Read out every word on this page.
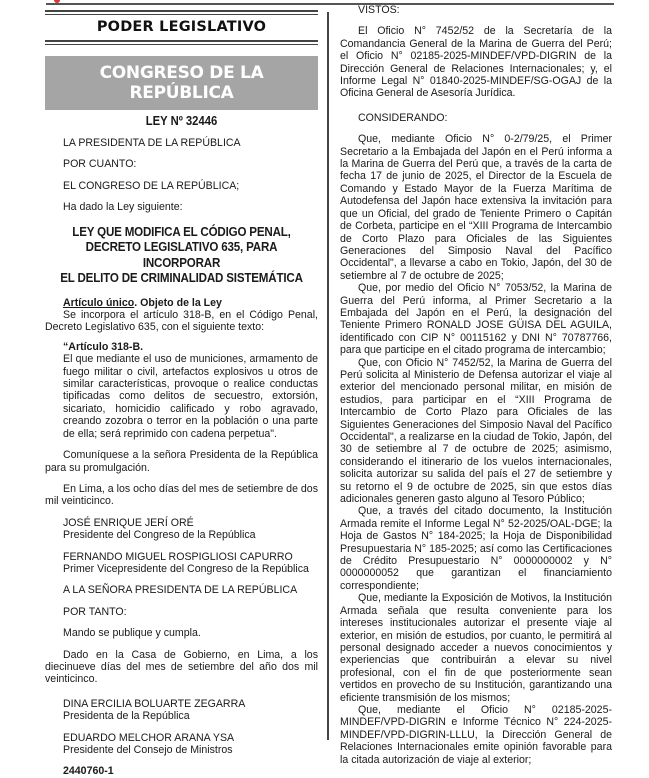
PODER LEGISLATIVO
CONGRESO DE LA REPÚBLICA
LEY Nº 32446

LA PRESIDENTA DE LA REPÚBLICA

POR CUANTO:

EL CONGRESO DE LA REPÚBLICA;

Ha dado la Ley siguiente:

LEY QUE MODIFICA EL CÓDIGO PENAL,
DECRETO LEGISLATIVO 635, PARA INCORPORAR
EL DELITO DE CRIMINALIDAD SISTEMÁTICA

Artículo único. Objeto de la Ley

Se incorpora el artículo 318-B, en el Código Penal, Decreto Legislativo 635, con el siguiente texto:

“Artículo 318-B.

El que mediante el uso de municiones, armamento de fuego militar o civil, artefactos explosivos u otros de similar características, provoque o realice conductas tipificadas como delitos de secuestro, extorsión, sicariato, homicidio calificado y robo agravado, creando zozobra o terror en la población o una parte de ella; será reprimido con cadena perpetua".

Comuníquese a la señora Presidenta de la República para su promulgación.

En Lima, a los ocho días del mes de setiembre de dos mil veinticinco.

JOSÉ ENRIQUE JERÍ ORÉ

Presidente del Congreso de la República

FERNANDO MIGUEL ROSPIGLIOSI CAPURRO

Primer Vicepresidente del Congreso de la República

A LA SEÑORA PRESIDENTA DE LA REPÚBLICA

POR TANTO:

Mando se publique y cumpla.

Dado en la Casa de Gobierno, en Lima, a los diecinueve días del mes de setiembre del año dos mil veinticinco.

DINA ERCILIA BOLUARTE ZEGARRA

Presidenta de la República

EDUARDO MELCHOR ARANA YSA

Presidente del Consejo de Ministros

2440760-1

VISTOS:

El Oficio N° 7452/52 de la Secretaría de la Comandancia General de la Marina de Guerra del Perú; el Oficio N° 02185-2025-MINDEF/VPD-DIGRIN de la Dirección General de Relaciones Internacionales; y, el Informe Legal N° 01840-2025-MINDEF/SG-OGAJ de la Oficina General de Asesoría Jurídica.

CONSIDERANDO:

Que, mediante Oficio N° 0-2/79/25, el Primer Secretario a la Embajada del Japón en el Perú informa a la Marina de Guerra del Perú que, a través de la carta de fecha 17 de junio de 2025, el Director de la Escuela de Comando y Estado Mayor de la Fuerza Marítima de Autodefensa del Japón hace extensiva la invitación para que un Oficial, del grado de Teniente Primero o Capitán de Corbeta, participe en el “XIII Programa de Intercambio de Corto Plazo para Oficiales de las Siguientes Generaciones del Simposio Naval del Pacífico Occidental", a llevarse a cabo en Tokio, Japón, del 30 de setiembre al 7 de octubre de 2025;

Que, por medio del Oficio N° 7053/52, la Marina de Guerra del Perú informa, al Primer Secretario a la Embajada del Japón en el Perú, la designación del Teniente Primero RONALD JOSE GÜISA DEL AGUILA, identificado con CIP N° 00115162 y DNI N° 70787766, para que participe en el citado programa de intercambio;

Que, con Oficio N° 7452/52, la Marina de Guerra del Perú solicita al Ministerio de Defensa autorizar el viaje al exterior del mencionado personal militar, en misión de estudios, para participar en el “XIII Programa de Intercambio de Corto Plazo para Oficiales de las Siguientes Generaciones del Simposio Naval del Pacífico Occidental", a realizarse en la ciudad de Tokio, Japón, del 30 de setiembre al 7 de octubre de 2025; asimismo, considerando el itinerario de los vuelos internacionales, solicita autorizar su salida del país el 27 de setiembre y su retorno el 9 de octubre de 2025, sin que estos días adicionales generen gasto alguno al Tesoro Público;

Que, a través del citado documento, la Institución Armada remite el Informe Legal N° 52-2025/OAL-DGE; la Hoja de Gastos N° 184-2025; la Hoja de Disponibilidad Presupuestaria N° 185-2025; así como las Certificaciones de Crédito Presupuestario N° 0000000002 y N° 0000000052 que garantizan el financiamiento correspondiente;

Que, mediante la Exposición de Motivos, la Institución Armada señala que resulta conveniente para los intereses institucionales autorizar el presente viaje al exterior, en misión de estudios, por cuanto, le permitirá al personal designado acceder a nuevos conocimientos y experiencias que contribuirán a elevar su nivel profesional, con el fin de que posteriormente sean vertidos en provecho de su Institución, garantizando una eficiente transmisión de los mismos;

Que, mediante el Oficio N° 02185-2025-MINDEF/VPD-DIGRIN e Informe Técnico N° 224-2025-MINDEF/VPD-DIGRIN-LLLU, la Dirección General de Relaciones Internacionales emite opinión favorable para la citada autorización de viaje al exterior;
